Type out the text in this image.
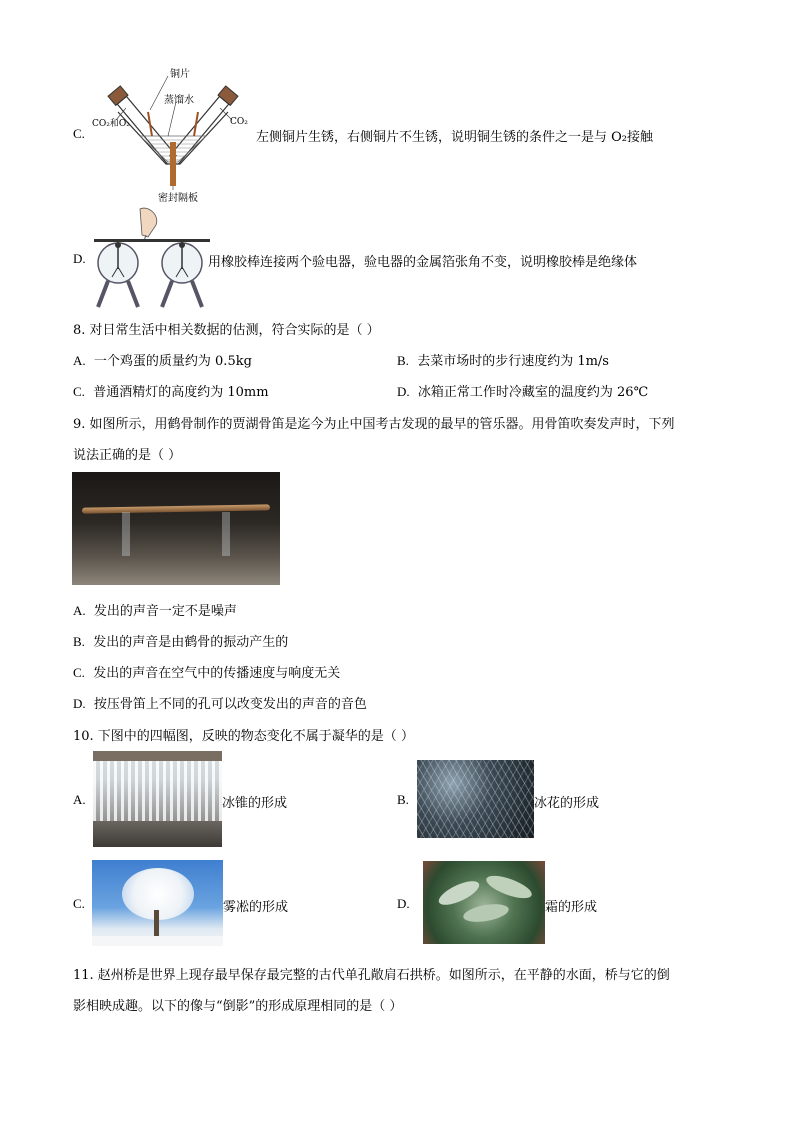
C.
铜片
蒸馏水
CO₂和O₂	CO₂
密封隔板
左侧铜片生锈，右侧铜片不生锈，说明铜生锈的条件之一是与 O₂接触
D.	用橡胶棒连接两个验电器，验电器的金属箔张角不变，说明橡胶棒是绝缘体
8. 对日常生活中相关数据的估测，符合实际的是（ ）
A. 一个鸡蛋的质量约为 0.5kg	B. 去菜市场时的步行速度约为 1m/s
C. 普通酒精灯的高度约为 10mm	D. 冰箱正常工作时冷藏室的温度约为 26℃
9. 如图所示，用鹤骨制作的贾湖骨笛是迄今为止中国考古发现的最早的管乐器。用骨笛吹奏发声时，下列
说法正确的是（ ）
A. 发出的声音一定不是噪声
B. 发出的声音是由鹤骨的振动产生的
C. 发出的声音在空气中的传播速度与响度无关
D. 按压骨笛上不同的孔可以改变发出的声音的音色
10. 下图中的四幅图，反映的物态变化不属于凝华的是（ ）
A.	冰锥的形成	B.	冰花的形成
C.	雾凇的形成	D.	霜的形成
11. 赵州桥是世界上现存最早保存最完整的古代单孔敞肩石拱桥。如图所示，在平静的水面，桥与它的倒
影相映成趣。以下的像与“倒影”的形成原理相同的是（ ）
